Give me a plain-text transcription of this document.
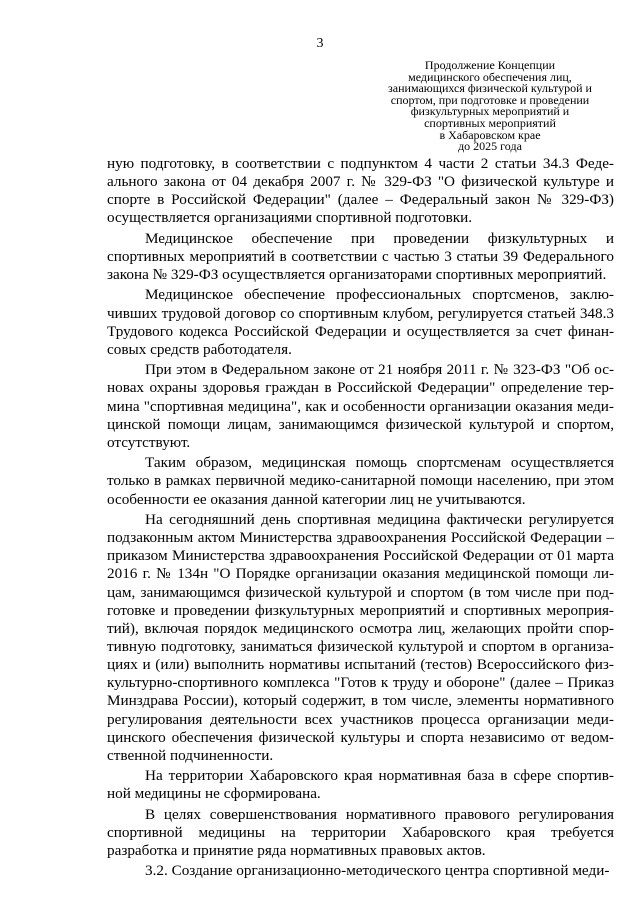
3
Продолжение Концепции
медицинского обеспечения лиц,
занимающихся физической культурой и
спортом, при подготовке и проведении
физкультурных мероприятий и
спортивных мероприятий
в Хабаровском крае
до 2025 года

ную подготовку, в соответствии с подпунктом 4 части 2 статьи 34.3 Феде-ального закона от 04 декабря 2007 г. № 329-ФЗ "О физической культуре и спорте в Российской Федерации" (далее – Федеральный закон № 329-ФЗ) осуществляется организациями спортивной подготовки.

Медицинское обеспечение при проведении физкультурных и спортивных мероприятий в соответствии с частью 3 статьи 39 Федерального закона № 329-ФЗ осуществляется организаторами спортивных мероприятий.

Медицинское обеспечение профессиональных спортсменов, заклю-чивших трудовой договор со спортивным клубом, регулируется статьей 348.3 Трудового кодекса Российской Федерации и осуществляется за счет финан-совых средств работодателя.

При этом в Федеральном законе от 21 ноября 2011 г. № 323-ФЗ "Об ос-новах охраны здоровья граждан в Российской Федерации" определение тер-мина "спортивная медицина", как и особенности организации оказания меди-цинской помощи лицам, занимающимся физической культурой и спортом, отсутствуют.

Таким образом, медицинская помощь спортсменам осуществляется только в рамках первичной медико-санитарной помощи населению, при этом особенности ее оказания данной категории лиц не учитываются.

На сегодняшний день спортивная медицина фактически регулируется подзаконным актом Министерства здравоохранения Российской Федерации – приказом Министерства здравоохранения Российской Федерации от 01 марта 2016 г. № 134н "О Порядке организации оказания медицинской помощи ли-цам, занимающимся физической культурой и спортом (в том числе при под-готовке и проведении физкультурных мероприятий и спортивных мероприя-тий), включая порядок медицинского осмотра лиц, желающих пройти спор-тивную подготовку, заниматься физической культурой и спортом в организа-циях и (или) выполнить нормативы испытаний (тестов) Всероссийского физ-культурно-спортивного комплекса "Готов к труду и обороне" (далее – Приказ Минздрава России), который содержит, в том числе, элементы нормативного регулирования деятельности всех участников процесса организации меди-цинского обеспечения физической культуры и спорта независимо от ведом-ственной подчиненности.

На территории Хабаровского края нормативная база в сфере спортив-ной медицины не сформирована.

В целях совершенствования нормативного правового регулирования спортивной медицины на территории Хабаровского края требуется разработка и принятие ряда нормативных правовых актов.

3.2. Создание организационно-методического центра спортивной меди-
